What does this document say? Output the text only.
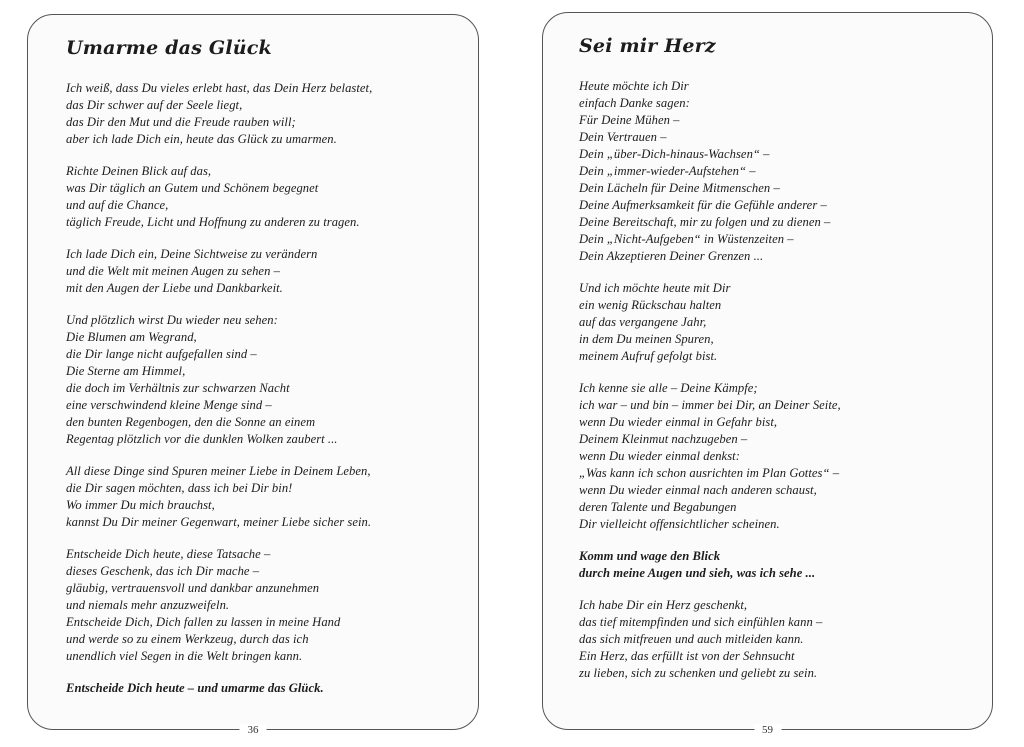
Umarme das Glück
Ich weiß, dass Du vieles erlebt hast, das Dein Herz belastet,
das Dir schwer auf der Seele liegt,
das Dir den Mut und die Freude rauben will;
aber ich lade Dich ein, heute das Glück zu umarmen.
Richte Deinen Blick auf das,
was Dir täglich an Gutem und Schönem begegnet
und auf die Chance,
täglich Freude, Licht und Hoffnung zu anderen zu tragen.
Ich lade Dich ein, Deine Sichtweise zu verändern
und die Welt mit meinen Augen zu sehen –
mit den Augen der Liebe und Dankbarkeit.
Und plötzlich wirst Du wieder neu sehen:
Die Blumen am Wegrand,
die Dir lange nicht aufgefallen sind –
Die Sterne am Himmel,
die doch im Verhältnis zur schwarzen Nacht
eine verschwindend kleine Menge sind –
den bunten Regenbogen, den die Sonne an einem
Regentag plötzlich vor die dunklen Wolken zaubert ...
All diese Dinge sind Spuren meiner Liebe in Deinem Leben,
die Dir sagen möchten, dass ich bei Dir bin!
Wo immer Du mich brauchst,
kannst Du Dir meiner Gegenwart, meiner Liebe sicher sein.
Entscheide Dich heute, diese Tatsache –
dieses Geschenk, das ich Dir mache –
gläubig, vertrauensvoll und dankbar anzunehmen
und niemals mehr anzuzweifeln.
Entscheide Dich, Dich fallen zu lassen in meine Hand
und werde so zu einem Werkzeug, durch das ich
unendlich viel Segen in die Welt bringen kann.
Entscheide Dich heute – und umarme das Glück.
36
Sei mir Herz
Heute möchte ich Dir
einfach Danke sagen:
Für Deine Mühen –
Dein Vertrauen –
Dein „über-Dich-hinaus-Wachsen“ –
Dein „immer-wieder-Aufstehen“ –
Dein Lächeln für Deine Mitmenschen –
Deine Aufmerksamkeit für die Gefühle anderer –
Deine Bereitschaft, mir zu folgen und zu dienen –
Dein „Nicht-Aufgeben“ in Wüstenzeiten –
Dein Akzeptieren Deiner Grenzen ...
Und ich möchte heute mit Dir
ein wenig Rückschau halten
auf das vergangene Jahr,
in dem Du meinen Spuren,
meinem Aufruf gefolgt bist.
Ich kenne sie alle – Deine Kämpfe;
ich war – und bin – immer bei Dir, an Deiner Seite,
wenn Du wieder einmal in Gefahr bist,
Deinem Kleinmut nachzugeben –
wenn Du wieder einmal denkst:
„Was kann ich schon ausrichten im Plan Gottes“ –
wenn Du wieder einmal nach anderen schaust,
deren Talente und Begabungen
Dir vielleicht offensichtlicher scheinen.
Komm und wage den Blick
durch meine Augen und sieh, was ich sehe ...
Ich habe Dir ein Herz geschenkt,
das tief mitempfinden und sich einfühlen kann –
das sich mitfreuen und auch mitleiden kann.
Ein Herz, das erfüllt ist von der Sehnsucht
zu lieben, sich zu schenken und geliebt zu sein.
59
